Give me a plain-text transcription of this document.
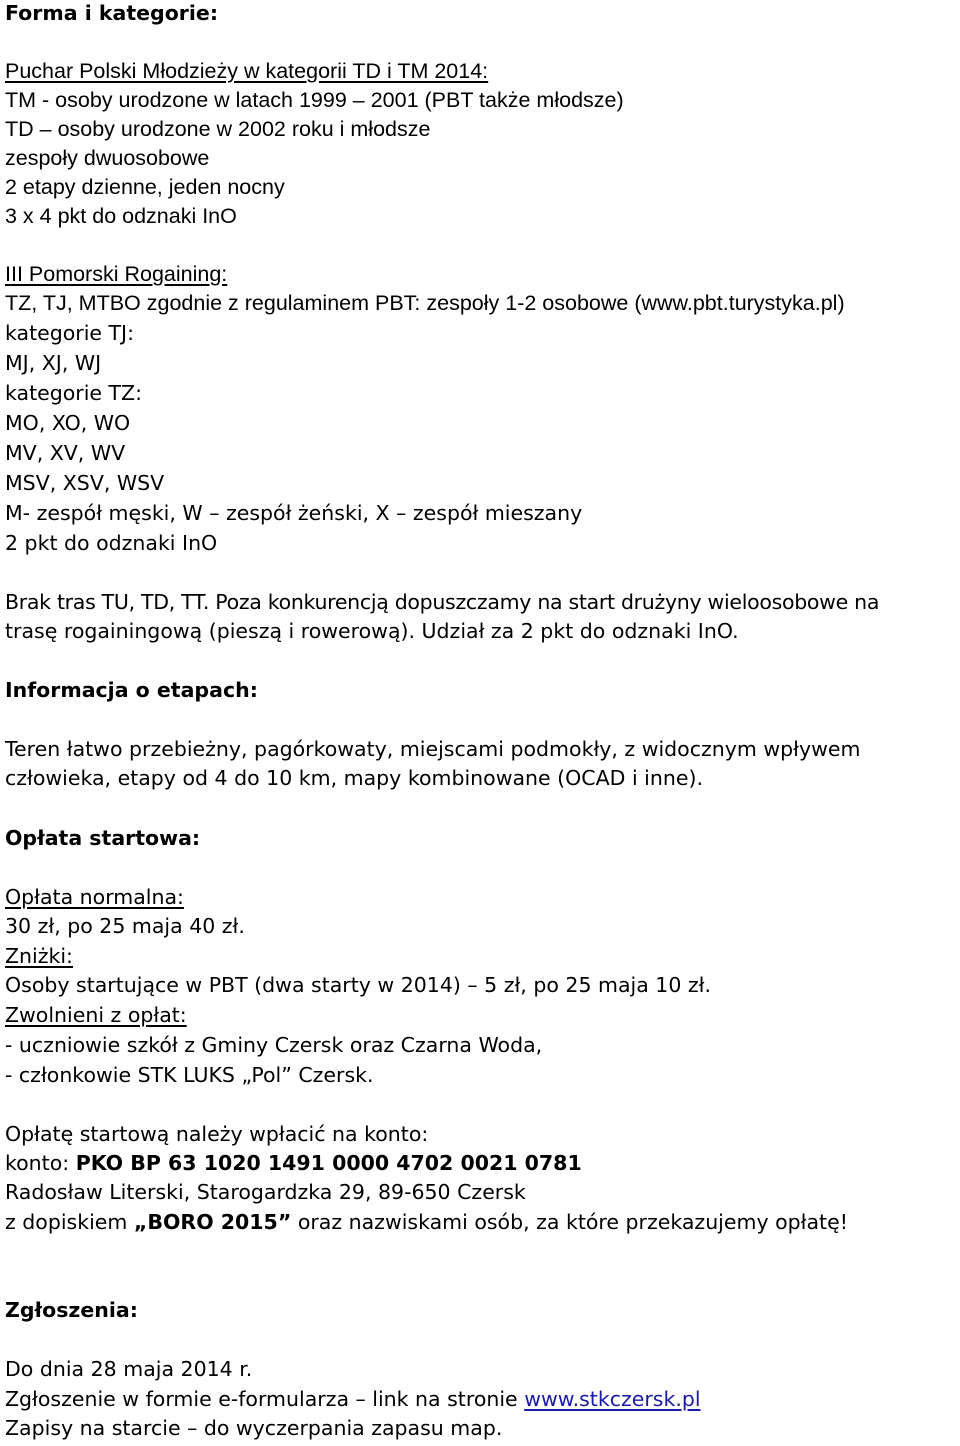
Forma i kategorie:
Puchar Polski Młodzieży w kategorii TD i TM 2014:
TM - osoby urodzone w latach 1999 – 2001 (PBT także młodsze)
TD – osoby urodzone w 2002 roku i młodsze
zespoły dwuosobowe
2 etapy dzienne, jeden nocny
3 x 4 pkt do odznaki InO
III Pomorski Rogaining:
TZ, TJ, MTBO zgodnie z regulaminem PBT: zespoły 1-2 osobowe (www.pbt.turystyka.pl)
kategorie TJ:
MJ, XJ, WJ
kategorie TZ:
MO, XO, WO
MV, XV, WV
MSV, XSV, WSV
M- zespół męski, W – zespół żeński, X – zespół mieszany
2 pkt do odznaki InO
Brak tras TU, TD, TT. Poza konkurencją dopuszczamy na start drużyny wieloosobowe na
trasę rogainingową (pieszą i rowerową). Udział za 2 pkt do odznaki InO.
Informacja o etapach:
Teren łatwo przebieżny, pagórkowaty, miejscami podmokły, z widocznym wpływem
człowieka, etapy od 4 do 10 km, mapy kombinowane (OCAD i inne).
Opłata startowa:
Opłata normalna:
30 zł, po 25 maja 40 zł.
Zniżki:
Osoby startujące w PBT (dwa starty w 2014) – 5 zł, po 25 maja 10 zł.
Zwolnieni z opłat:
- uczniowie szkół z Gminy Czersk oraz Czarna Woda,
- członkowie STK LUKS „Pol” Czersk.
Opłatę startową należy wpłacić na konto:
konto: PKO BP 63 1020 1491 0000 4702 0021 0781
Radosław Literski, Starogardzka 29, 89-650 Czersk
z dopiskiem „BORO 2015” oraz nazwiskami osób, za które przekazujemy opłatę!
Zgłoszenia:
Do dnia 28 maja 2014 r.
Zgłoszenie w formie e-formularza – link na stronie www.stkczersk.pl
Zapisy na starcie – do wyczerpania zapasu map.
